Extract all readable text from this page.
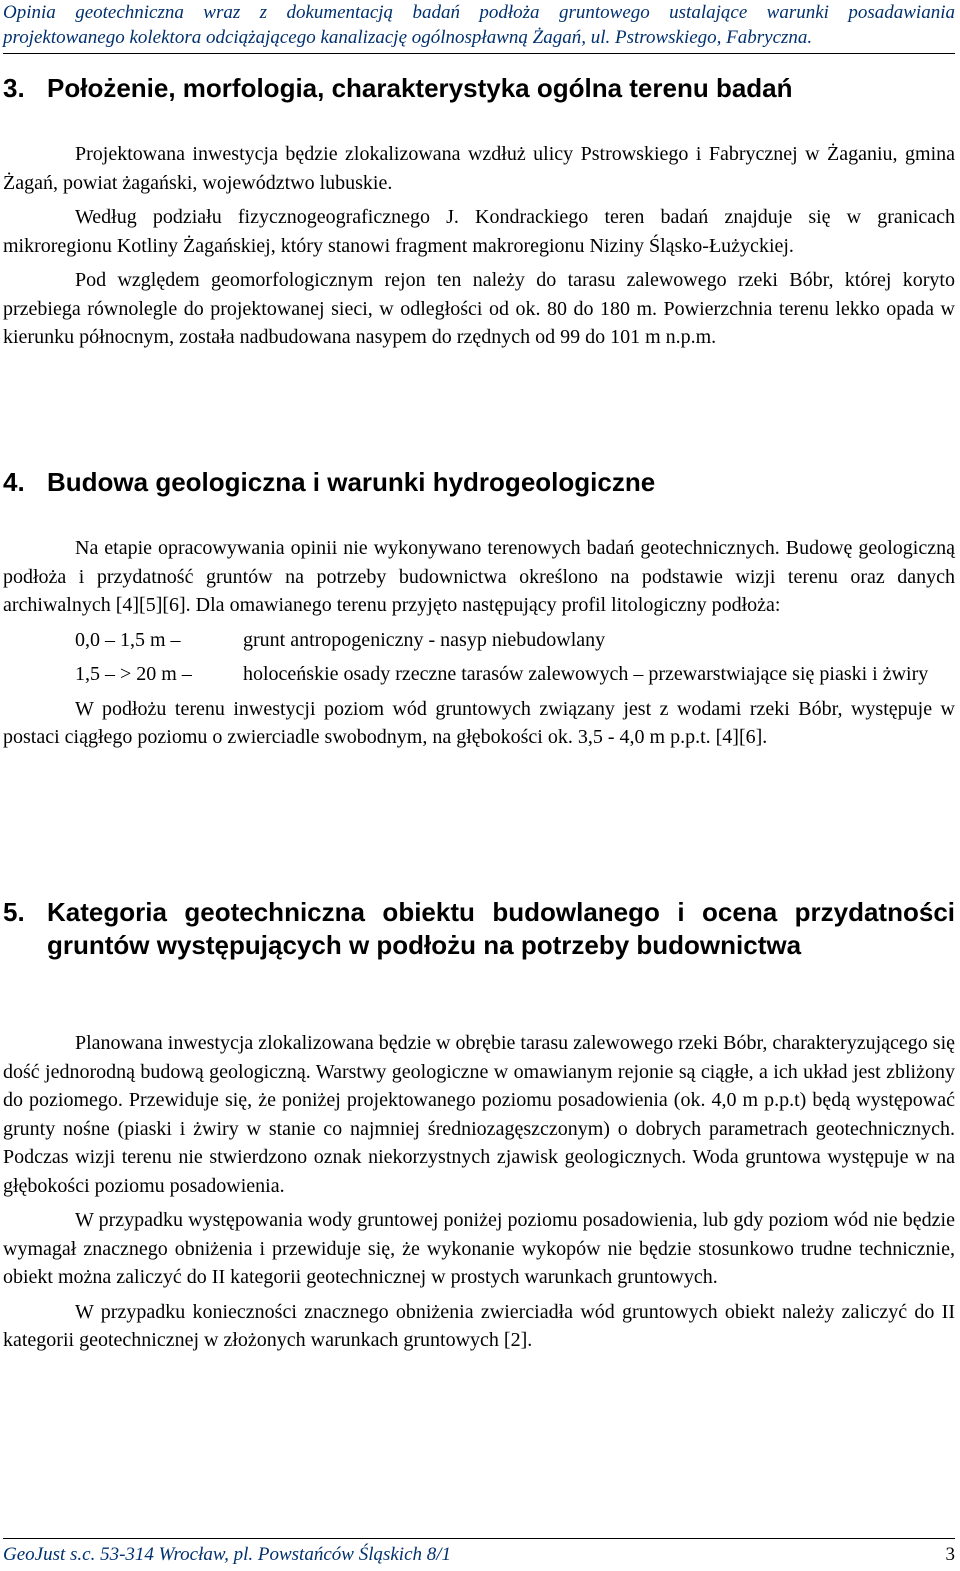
Opinia geotechniczna wraz z dokumentacją badań podłoża gruntowego ustalające warunki posadawiania
projektowanego kolektora odciążającego kanalizację ogólnospławną Żagań, ul. Pstrowskiego, Fabryczna.
3. Położenie, morfologia, charakterystyka ogólna terenu badań

Projektowana inwestycja będzie zlokalizowana wzdłuż ulicy Pstrowskiego i Fabrycznej w Żaganiu, gmina Żagań, powiat żagański, województwo lubuskie.

Według podziału fizycznogeograficznego J. Kondrackiego teren badań znajduje się w granicach mikroregionu Kotliny Żagańskiej, który stanowi fragment makroregionu Niziny Śląsko-Łużyckiej.

Pod względem geomorfologicznym rejon ten należy do tarasu zalewowego rzeki Bóbr, której koryto przebiega równolegle do projektowanej sieci, w odległości od ok. 80 do 180 m. Powierzchnia terenu lekko opada w kierunku północnym, została nadbudowana nasypem do rzędnych od 99 do 101 m n.p.m.

4. Budowa geologiczna i warunki hydrogeologiczne

Na etapie opracowywania opinii nie wykonywano terenowych badań geotechnicznych. Budowę geologiczną podłoża i przydatność gruntów na potrzeby budownictwa określono na podstawie wizji terenu oraz danych archiwalnych [4][5][6]. Dla omawianego terenu przyjęto następujący profil litologiczny podłoża:

0,0 – 1,5 m –	grunt antropogeniczny - nasyp niebudowlany
1,5 – > 20 m –	holoceńskie osady rzeczne tarasów zalewowych – przewarstwiające się piaski i żwiry

W podłożu terenu inwestycji poziom wód gruntowych związany jest z wodami rzeki Bóbr, występuje w postaci ciągłego poziomu o zwierciadle swobodnym, na głębokości ok. 3,5 - 4,0 m p.p.t. [4][6].

5. Kategoria geotechniczna obiektu budowlanego i ocena przydatności gruntów występujących w podłożu na potrzeby budownictwa

Planowana inwestycja zlokalizowana będzie w obrębie tarasu zalewowego rzeki Bóbr, charakteryzującego się dość jednorodną budową geologiczną. Warstwy geologiczne w omawianym rejonie są ciągłe, a ich układ jest zbliżony do poziomego. Przewiduje się, że poniżej projektowanego poziomu posadowienia (ok. 4,0 m p.p.t) będą występować grunty nośne (piaski i żwiry w stanie co najmniej średniozagęszczonym) o dobrych parametrach geotechnicznych. Podczas wizji terenu nie stwierdzono oznak niekorzystnych zjawisk geologicznych. Woda gruntowa występuje w na głębokości poziomu posadowienia.

W przypadku występowania wody gruntowej poniżej poziomu posadowienia, lub gdy poziom wód nie będzie wymagał znacznego obniżenia i przewiduje się, że wykonanie wykopów nie będzie stosunkowo trudne technicznie, obiekt można zaliczyć do II kategorii geotechnicznej w prostych warunkach gruntowych.

W przypadku konieczności znacznego obniżenia zwierciadła wód gruntowych obiekt należy zaliczyć do II kategorii geotechnicznej w złożonych warunkach gruntowych [2].

GeoJust s.c. 53-314 Wrocław, pl. Powstańców Śląskich 8/1	3
